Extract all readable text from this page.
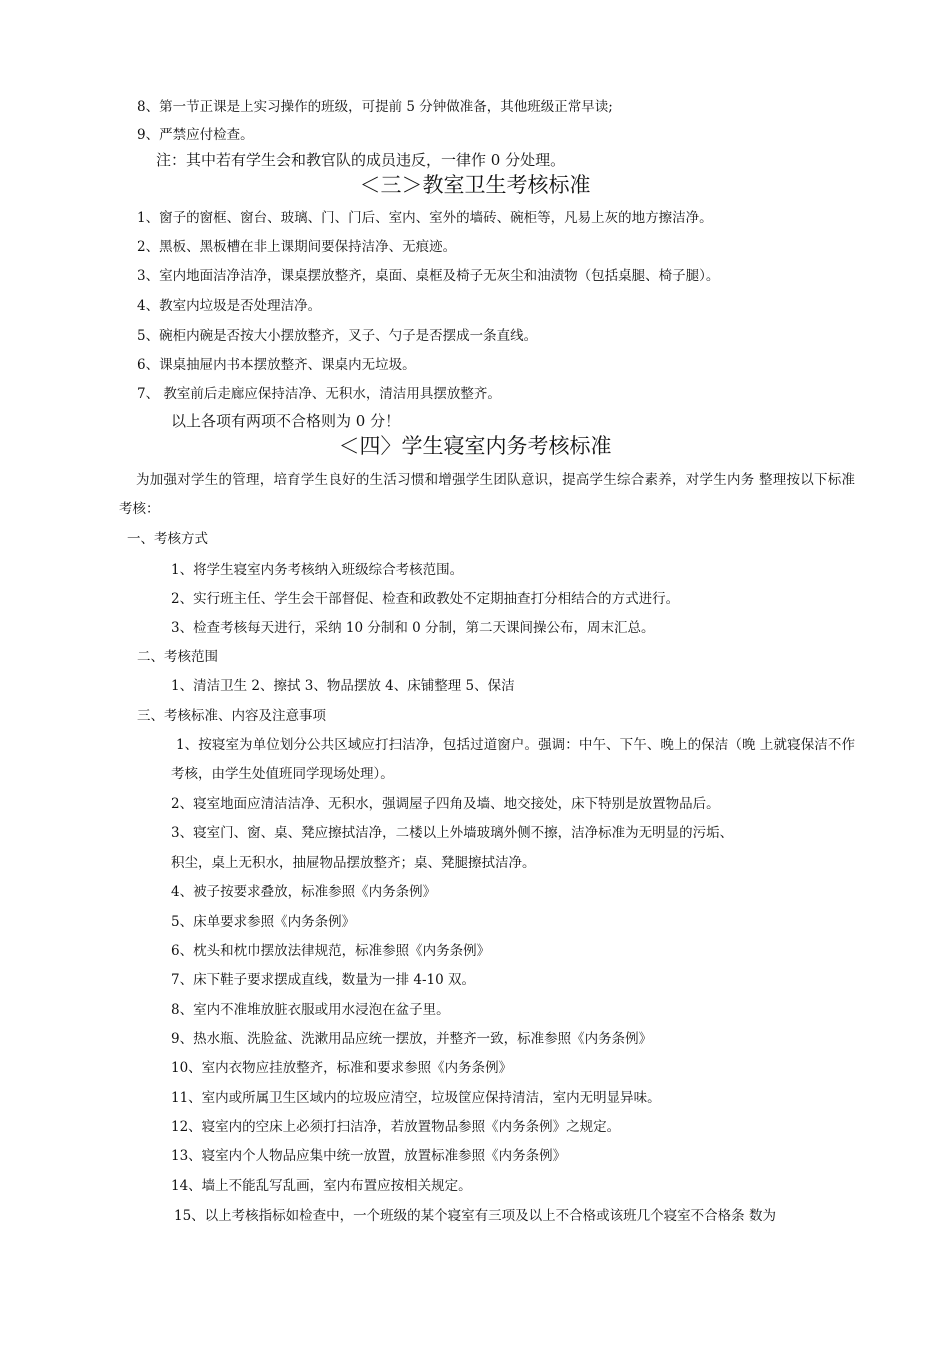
8、第一节正课是上实习操作的班级，可提前 5 分钟做准备，其他班级正常早读;
9、严禁应付检查。
注：其中若有学生会和教官队的成员违反，一律作 0 分处理。
＜三＞教室卫生考核标准
1、窗子的窗框、窗台、玻璃、门、门后、室内、室外的墙砖、碗柜等，凡易上灰的地方擦洁净。
2、黑板、黑板槽在非上课期间要保持洁净、无痕迹。
3、室内地面洁净洁净，课桌摆放整齐，桌面、桌框及椅子无灰尘和油渍物（包括桌腿、椅子腿）。
4、教室内垃圾是否处理洁净。
5、碗柜内碗是否按大小摆放整齐，叉子、勺子是否摆成一条直线。
6、课桌抽屉内书本摆放整齐、课桌内无垃圾。
7、 教室前后走廊应保持洁净、无积水，清洁用具摆放整齐。
以上各项有两项不合格则为 0 分！
＜四〉学生寝室内务考核标准
为加强对学生的管理，培育学生良好的生活习惯和增强学生团队意识，提高学生综合素养，对学生内务 整理按以下标准考核：
一、考核方式
1、将学生寝室内务考核纳入班级综合考核范围。
2、实行班主任、学生会干部督促、检查和政教处不定期抽查打分相结合的方式进行。
3、检查考核每天进行，采纳 10 分制和 0 分制，第二天课间操公布，周末汇总。
二、考核范围
1、清洁卫生 2、擦拭 3、物品摆放 4、床铺整理 5、保洁
三、考核标准、内容及注意事项
1、按寝室为单位划分公共区域应打扫洁净，包括过道窗户。强调：中午、下午、晚上的保洁（晚 上就寝保洁不作考核，由学生处值班同学现场处理）。
2、寝室地面应清洁洁净、无积水，强调屋子四角及墙、地交接处，床下特别是放置物品后。
3、寝室门、窗、桌、凳应擦拭洁净，二楼以上外墙玻璃外侧不擦，洁净标准为无明显的污垢、
积尘，桌上无积水，抽屉物品摆放整齐；桌、凳腿擦拭洁净。
4、被子按要求叠放，标准参照《内务条例》
5、床单要求参照《内务条例》
6、枕头和枕巾摆放法律规范，标准参照《内务条例》
7、床下鞋子要求摆成直线，数量为一排 4-10 双。
8、室内不准堆放脏衣服或用水浸泡在盆子里。
9、热水瓶、洗脸盆、洗漱用品应统一摆放，并整齐一致，标准参照《内务条例》
10、室内衣物应挂放整齐，标准和要求参照《内务条例》
11、室内或所属卫生区域内的垃圾应清空，垃圾筐应保持清洁，室内无明显异味。
12、寝室内的空床上必须打扫洁净，若放置物品参照《内务条例》之规定。
13、寝室内个人物品应集中统一放置，放置标准参照《内务条例》
14、墙上不能乱写乱画，室内布置应按相关规定。
15、以上考核指标如检查中，一个班级的某个寝室有三项及以上不合格或该班几个寝室不合格条 数为
